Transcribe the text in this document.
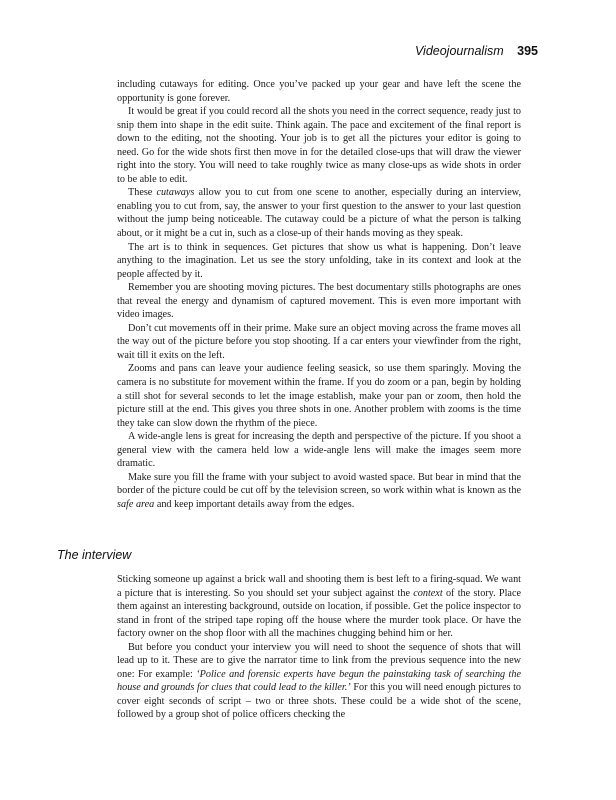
Videojournalism 395

including cutaways for editing. Once you’ve packed up your gear and have left the scene the opportunity is gone forever.

It would be great if you could record all the shots you need in the correct sequence, ready just to snip them into shape in the edit suite. Think again. The pace and excitement of the final report is down to the editing, not the shooting. Your job is to get all the pictures your editor is going to need. Go for the wide shots first then move in for the detailed close-ups that will draw the viewer right into the story. You will need to take roughly twice as many close-ups as wide shots in order to be able to edit.

These cutaways allow you to cut from one scene to another, especially during an interview, enabling you to cut from, say, the answer to your first question to the answer to your last question without the jump being noticeable. The cutaway could be a picture of what the person is talking about, or it might be a cut in, such as a close-up of their hands moving as they speak.

The art is to think in sequences. Get pictures that show us what is happening. Don’t leave anything to the imagination. Let us see the story unfolding, take in its context and look at the people affected by it.

Remember you are shooting moving pictures. The best documentary stills photographs are ones that reveal the energy and dynamism of captured movement. This is even more important with video images.

Don’t cut movements off in their prime. Make sure an object moving across the frame moves all the way out of the picture before you stop shooting. If a car enters your viewfinder from the right, wait till it exits on the left.

Zooms and pans can leave your audience feeling seasick, so use them sparingly. Moving the camera is no substitute for movement within the frame. If you do zoom or a pan, begin by holding a still shot for several seconds to let the image establish, make your pan or zoom, then hold the picture still at the end. This gives you three shots in one. Another problem with zooms is the time they take can slow down the rhythm of the piece.

A wide-angle lens is great for increasing the depth and perspective of the picture. If you shoot a general view with the camera held low a wide-angle lens will make the images seem more dramatic.

Make sure you fill the frame with your subject to avoid wasted space. But bear in mind that the border of the picture could be cut off by the television screen, so work within what is known as the safe area and keep important details away from the edges.

The interview

Sticking someone up against a brick wall and shooting them is best left to a firing-squad. We want a picture that is interesting. So you should set your subject against the context of the story. Place them against an interesting background, outside on location, if possible. Get the police inspector to stand in front of the striped tape roping off the house where the murder took place. Or have the factory owner on the shop floor with all the machines chugging behind him or her.

But before you conduct your interview you will need to shoot the sequence of shots that will lead up to it. These are to give the narrator time to link from the previous sequence into the new one: For example: ‘Police and forensic experts have begun the painstaking task of searching the house and grounds for clues that could lead to the killer.’ For this you will need enough pictures to cover eight seconds of script – two or three shots. These could be a wide shot of the scene, followed by a group shot of police officers checking the
